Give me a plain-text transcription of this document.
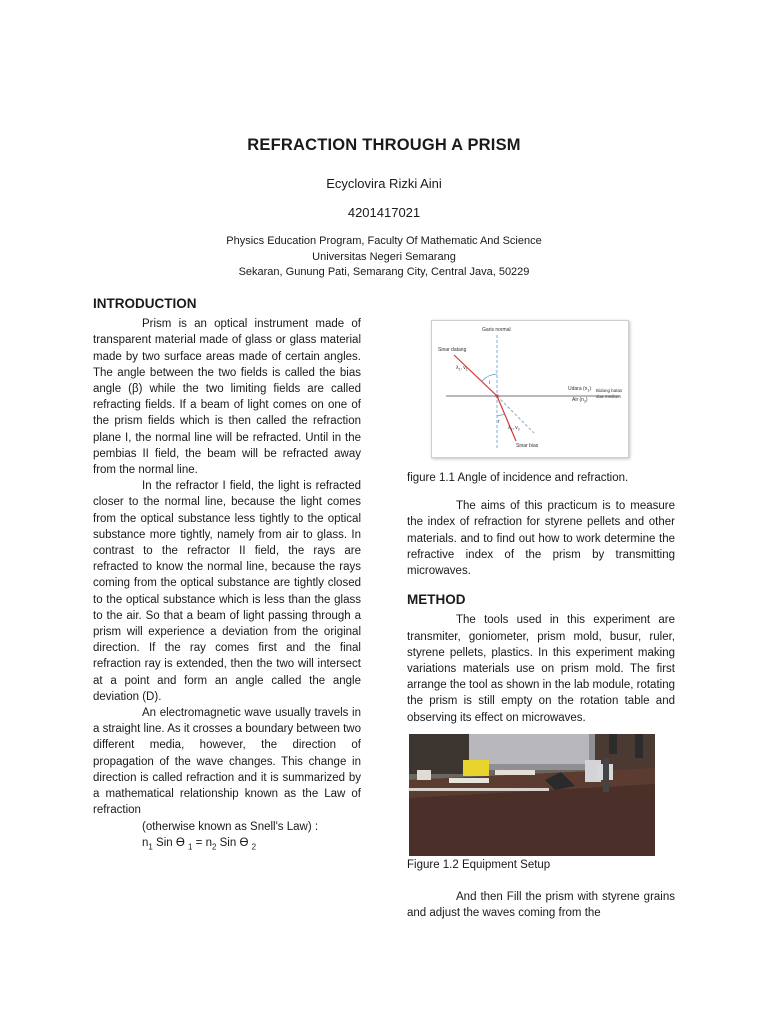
REFRACTION THROUGH A PRISM

Ecyclovira Rizki Aini

4201417021

Physics Education Program, Faculty Of Mathematic And Science
Universitas Negeri Semarang
Sekaran, Gunung Pati, Semarang City, Central Java, 50229

INTRODUCTION

Prism is an optical instrument made of transparent material made of glass or glass material made by two surface areas made of certain angles. The angle between the two fields is called the bias angle (β) while the two limiting fields are called refracting fields. If a beam of light comes on one of the prism fields which is then called the refraction plane I, the normal line will be refracted. Until in the pembias II field, the beam will be refracted away from the normal line.

In the refractor I field, the light is refracted closer to the normal line, because the light comes from the optical substance less tightly to the optical substance more tightly, namely from air to glass. In contrast to the refractor II field, the rays are refracted to know the normal line, because the rays coming from the optical substance are tightly closed to the optical substance which is less than the glass to the air. So that a beam of light passing through a prism will experience a deviation from the original direction. If the ray comes first and the final refraction ray is extended, then the two will intersect at a point and form an angle called the angle deviation (D).

An electromagnetic wave usually travels in a straight line. As it crosses a boundary between two different media, however, the direction of propagation of the wave changes. This change in direction is called refraction and it is summarized by a mathematical relationship known as the Law of refraction

(otherwise known as Snell's Law) :

$n_1$ Sin ϴ $_1 = n_2$ Sin ϴ $_2$

Garis normal
Sinar datang
$\lambda_1$, $v_1$
i
r
Udara $(n_1)$
Air $(n_2)$
Bidang batas
dua medium
$\lambda_2$, $v_2$
Sinar bias

figure 1.1 Angle of incidence and refraction.

The aims of this practicum is to measure the index of refraction for styrene pellets and other materials. and to find out how to work determine the refractive index of the prism by transmitting microwaves.

METHOD

The tools used in this experiment are transmiter, goniometer, prism mold, busur, ruler, styrene pellets, plastics. In this experiment making variations materials use on prism mold. The first arrange the tool as shown in the lab module, rotating the prism is still empty on the rotation table and observing its effect on microwaves.

Figure 1.2 Equipment Setup

And then Fill the prism with styrene grains and adjust the waves coming from the
